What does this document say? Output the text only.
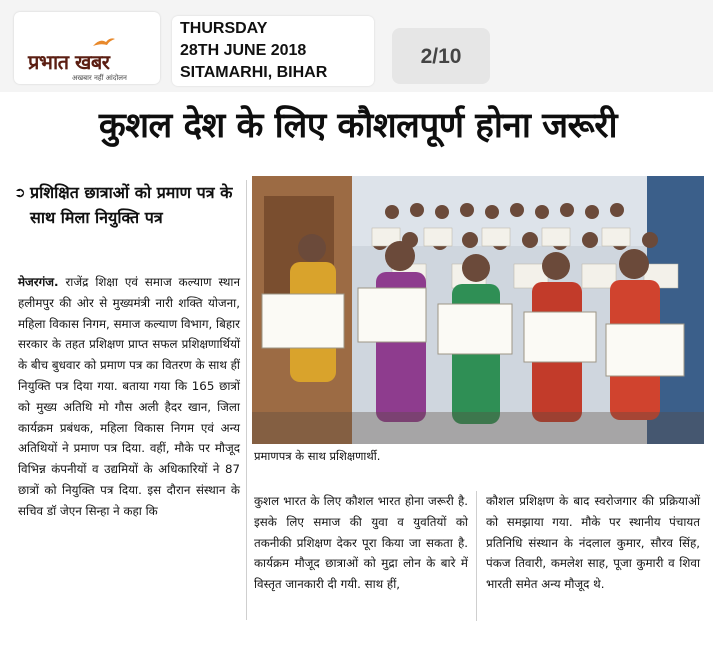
प्रभात खबर
अखबार नहीं आंदोलन
THURSDAY
28TH JUNE 2018
SITAMARHI, BIHAR
2/10
कुशल देश के लिए कौशलपूर्ण होना जरूरी
➲ प्रशिक्षित छात्राओं को प्रमाण पत्र के साथ मिला नियुक्ति पत्र
प्रमाणपत्र के साथ प्रशिक्षणार्थी.
मेजरगंज. राजेंद्र शिक्षा एवं समाज कल्याण स्थान हलीमपुर की ओर से मुख्यमंत्री नारी शक्ति योजना, महिला विकास निगम, समाज कल्याण विभाग, बिहार सरकार के तहत प्रशिक्षण प्राप्त सफल प्रशिक्षणार्थियों के बीच बुधवार को प्रमाण पत्र का वितरण के साथ हीं नियुक्ति पत्र दिया गया. बताया गया कि 165 छात्रों को मुख्य अतिथि मो गौस अली हैदर खान, जिला कार्यक्रम प्रबंधक, महिला विकास निगम एवं अन्य अतिथियों ने प्रमाण पत्र दिया. वहीं, मौके पर मौजूद विभिन्न कंपनीयों व उद्यमियों के अधिकारियों ने 87 छात्रों को नियुक्ति पत्र दिया. इस दौरान संस्थान के सचिव डॉ जेएन सिन्हा ने कहा कि
कुशल भारत के लिए कौशल भारत होना जरूरी है. इसके लिए समाज की युवा व युवतियों को तकनीकी प्रशिक्षण देकर पूरा किया जा सकता है. कार्यक्रम मौजूद छात्राओं को मुद्रा लोन के बारे में विस्तृत जानकारी दी गयी. साथ हीं,
कौशल प्रशिक्षण के बाद स्वरोजगार की प्रक्रियाओं को समझाया गया. मौके पर स्थानीय पंचायत प्रतिनिधि संस्थान के नंदलाल कुमार, सौरव सिंह, पंकज तिवारी, कमलेश साह, पूजा कुमारी व शिवा भारती समेत अन्य मौजूद थे.
